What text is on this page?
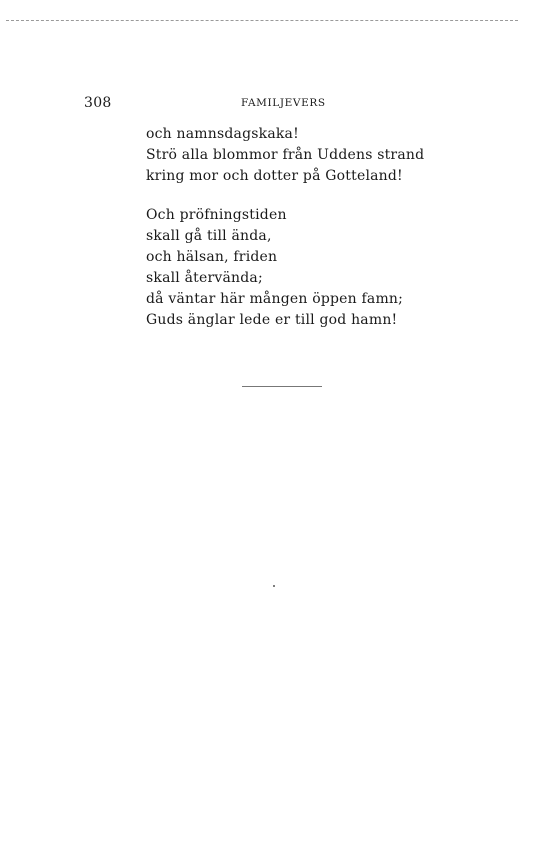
308	FAMILJEVERS
och namnsdagskaka!
Strö alla blommor från Uddens strand
kring mor och dotter på Gotteland!
Och pröfningstiden
skall gå till ända,
och hälsan, friden
skall återvända;
då väntar här mången öppen famn;
Guds änglar lede er till god hamn!
